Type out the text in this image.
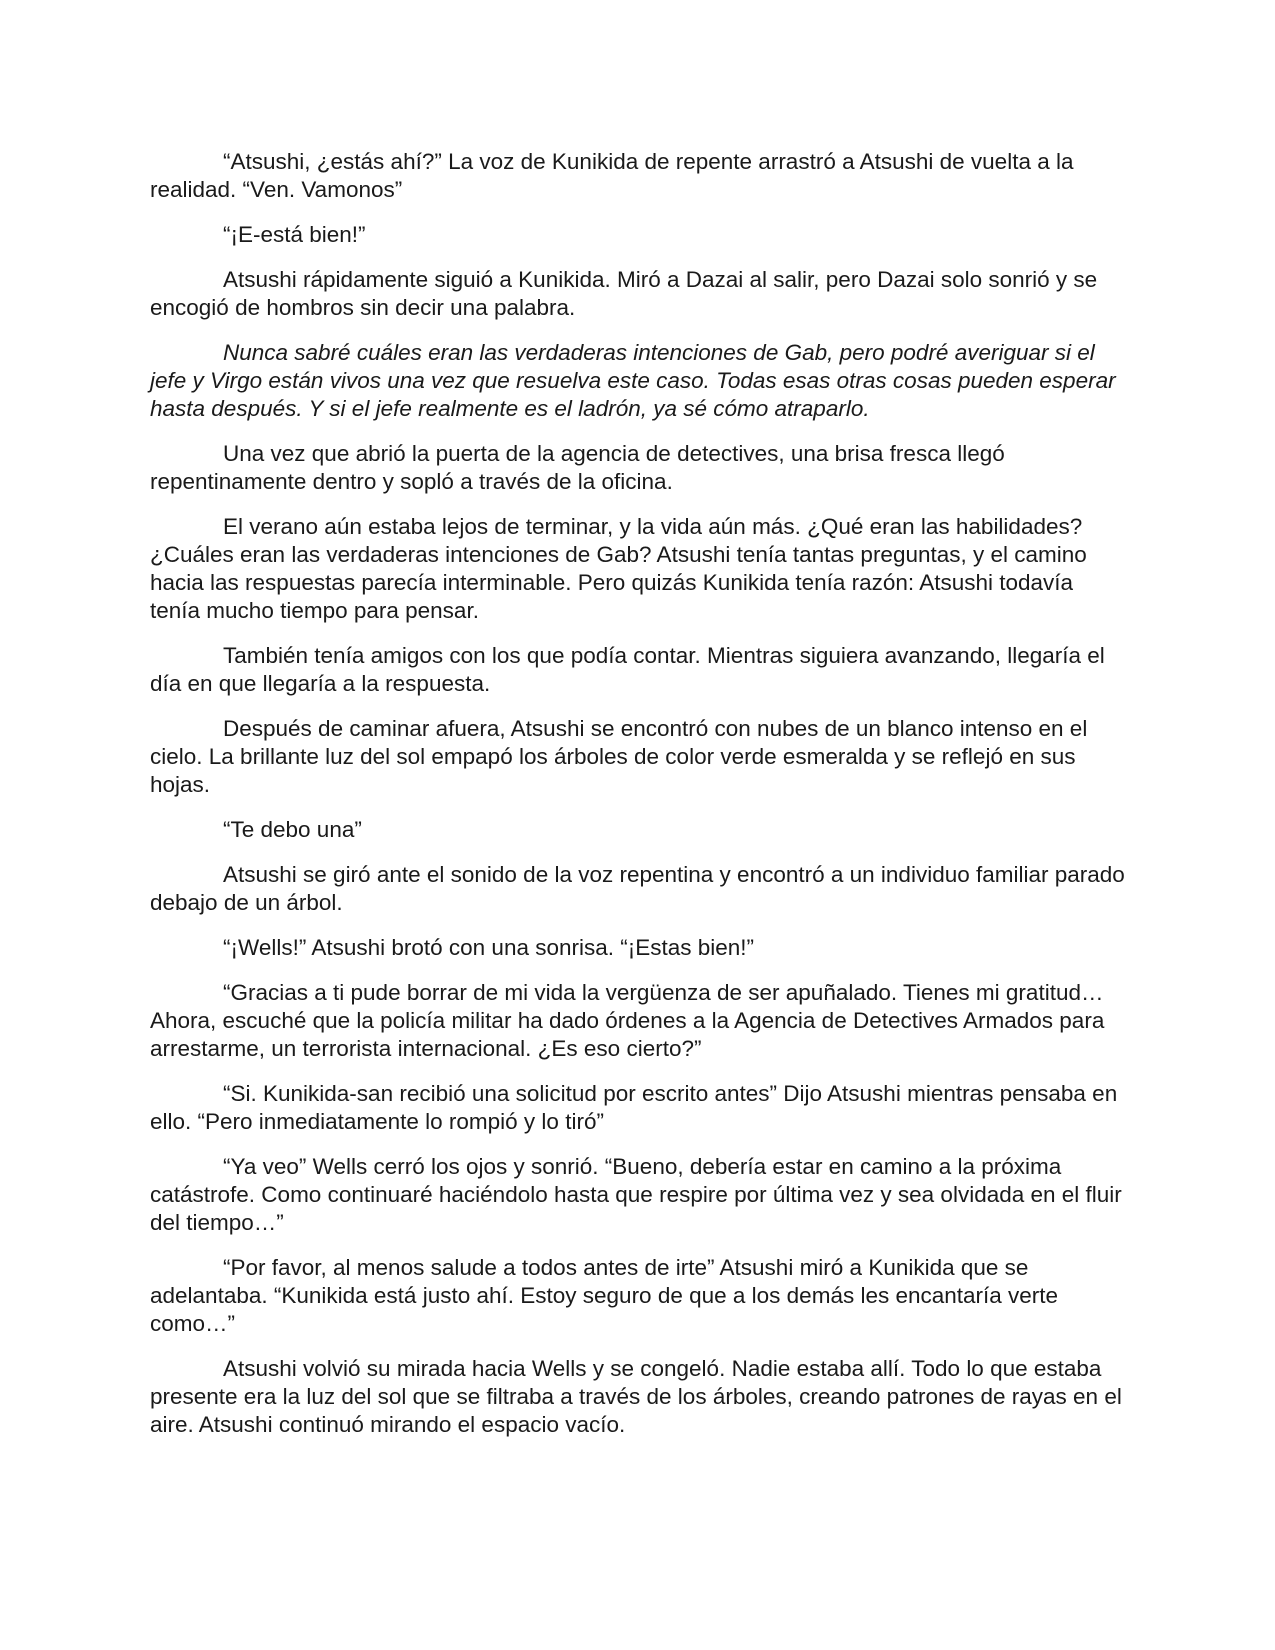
“Atsushi, ¿estás ahí?” La voz de Kunikida de repente arrastró a Atsushi de vuelta a la realidad. “Ven. Vamonos”

“¡E-está bien!”

Atsushi rápidamente siguió a Kunikida. Miró a Dazai al salir, pero Dazai solo sonrió y se encogió de hombros sin decir una palabra.

Nunca sabré cuáles eran las verdaderas intenciones de Gab, pero podré averiguar si el jefe y Virgo están vivos una vez que resuelva este caso. Todas esas otras cosas pueden esperar hasta después. Y si el jefe realmente es el ladrón, ya sé cómo atraparlo.

Una vez que abrió la puerta de la agencia de detectives, una brisa fresca llegó repentinamente dentro y sopló a través de la oficina.

El verano aún estaba lejos de terminar, y la vida aún más. ¿Qué eran las habilidades? ¿Cuáles eran las verdaderas intenciones de Gab? Atsushi tenía tantas preguntas, y el camino hacia las respuestas parecía interminable. Pero quizás Kunikida tenía razón: Atsushi todavía tenía mucho tiempo para pensar.

También tenía amigos con los que podía contar. Mientras siguiera avanzando, llegaría el día en que llegaría a la respuesta.

Después de caminar afuera, Atsushi se encontró con nubes de un blanco intenso en el cielo. La brillante luz del sol empapó los árboles de color verde esmeralda y se reflejó en sus hojas.

“Te debo una”

Atsushi se giró ante el sonido de la voz repentina y encontró a un individuo familiar parado debajo de un árbol.

“¡Wells!” Atsushi brotó con una sonrisa. “¡Estas bien!”

“Gracias a ti pude borrar de mi vida la vergüenza de ser apuñalado. Tienes mi gratitud… Ahora, escuché que la policía militar ha dado órdenes a la Agencia de Detectives Armados para arrestarme, un terrorista internacional. ¿Es eso cierto?”

“Si. Kunikida-san recibió una solicitud por escrito antes” Dijo Atsushi mientras pensaba en ello. “Pero inmediatamente lo rompió y lo tiró”

“Ya veo” Wells cerró los ojos y sonrió. “Bueno, debería estar en camino a la próxima catástrofe. Como continuaré haciéndolo hasta que respire por última vez y sea olvidada en el fluir del tiempo…”

“Por favor, al menos salude a todos antes de irte” Atsushi miró a Kunikida que se adelantaba. “Kunikida está justo ahí. Estoy seguro de que a los demás les encantaría verte como…”

Atsushi volvió su mirada hacia Wells y se congeló. Nadie estaba allí. Todo lo que estaba presente era la luz del sol que se filtraba a través de los árboles, creando patrones de rayas en el aire. Atsushi continuó mirando el espacio vacío.
